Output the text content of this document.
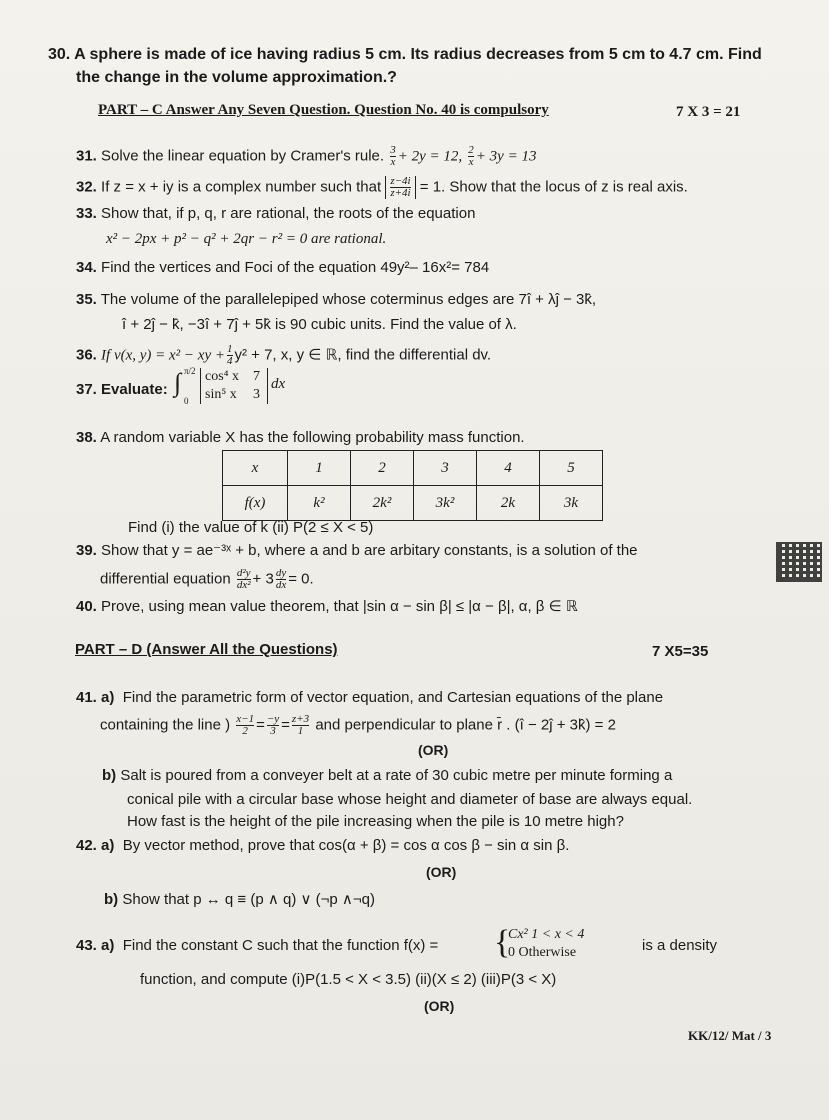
30. A sphere is made of ice having radius 5 cm. Its radius decreases from 5 cm to 4.7 cm. Find
the change in the volume approximation.?
PART – C Answer Any Seven Question. Question No. 40 is compulsory	7 X 3 = 21
31. Solve the linear equation by Cramer's rule. $\frac{3}{x} + 2y = 12$, $\frac{2}{x} + 3y = 13$
32. If z = x + iy is a complex number such that $\frac{z-4i}{z+4i} = 1$. Show that the locus of z is real axis.
33. Show that, if p, q, r are rational, the roots of the equation
x² − 2px + p² − q² + 2qr − r² = 0 are rational.
34. Find the vertices and Foci of the equation 49y²– 16x²= 784
35. The volume of the parallelepiped whose coterminus edges are 7î + λĵ − 3k̂,
î + 2ĵ − k̂, −3î + 7ĵ + 5k̂ is 90 cubic units. Find the value of λ.
36. If v(x, y) = x² − xy + $\frac{1}{4} y^2 + 7$, x, y ∈ ℝ, find the differential dv.
37. Evaluate: ∫ π/2
0
cos⁴ x 7
sin⁵ x 3
dx
38. A random variable X has the following probability mass function.
x	1	2	3	4	5
f(x)	k²	2k²	3k²	2k	3k
Find (i) the value of k (ii) P(2 ≤ X < 5)
39. Show that y = ae⁻³ˣ + b, where a and b are arbitary constants, is a solution of the
differential equation $\frac{\text{d²y}}{\text{dx²}} + 3 \frac{dy}{dx} = 0$.
40. Prove, using mean value theorem, that |sin α − sin β| ≤ |α − β|, α, β ∈ ℝ
PART – D (Answer All the Questions)	7 X5=35
41. a) Find the parametric form of vector equation, and Cartesian equations of the plane
containing the line ) $\frac{x-1}{2} = \frac{-y}{3} = \frac{z+3}{1}$ and perpendicular to plane r̄ . (î − 2ĵ + 3k̂) = 2
(OR)
b) Salt is poured from a conveyer belt at a rate of 30 cubic metre per minute forming a
conical pile with a circular base whose height and diameter of base are always equal.
How fast is the height of the pile increasing when the pile is 10 metre high?
42. a) By vector method, prove that cos(α + β) = cos α cos β − sin α sin β.
(OR)
b) Show that p ↔ q ≡ (p ∧ q) ∨ (¬p ∧¬q)
43. a) Find the constant C such that the function f(x) = {
Cx² 1 < x < 4
0 Otherwise	is a density
function, and compute (i)P(1.5 < X < 3.5) (ii)(X ≤ 2) (iii)P(3 < X)
(OR)
KK/12/ Mat / 3
